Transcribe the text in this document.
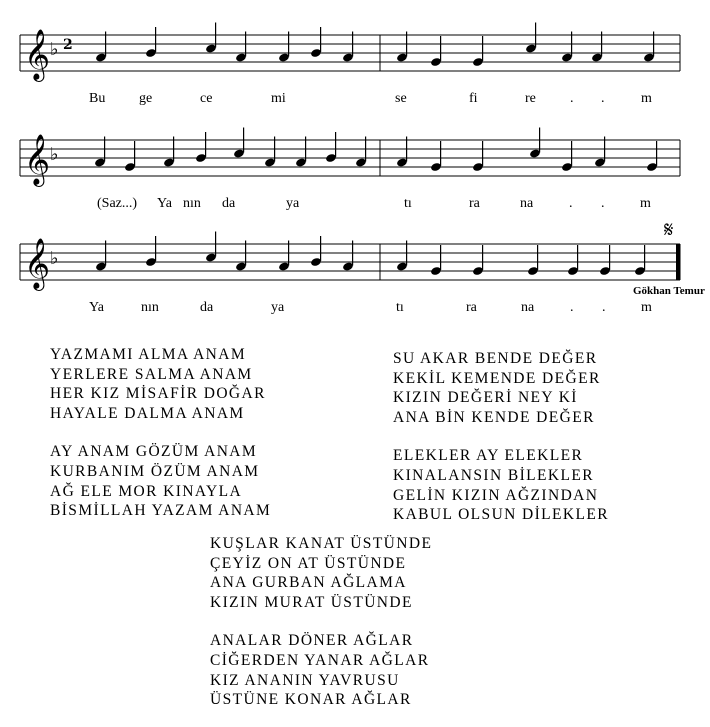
𝄞 ♭ 2
𝄞 ♭
𝄞 ♭
𝄋
Bu ge	ce	mi	se	fi	re . .	m
(Saz...) Ya nın da	ya	tı	ra	na	. .	m
Ya	nın	da	ya	tı	ra	na	. .	m
Gökhan Temur
YAZMAMI ALMA ANAM
YERLERE SALMA ANAM
HER KIZ MİSAFİR DOĞAR
HAYALE DALMA ANAM
AY ANAM GÖZÜM ANAM
KURBANIM ÖZÜM ANAM
AĞ ELE MOR KINAYLA
BİSMİLLAH YAZAM ANAM
SU AKAR BENDE DEĞER
KEKİL KEMENDE DEĞER
KIZIN DEĞERİ NEY Kİ
ANA BİN KENDE DEĞER
ELEKLER AY ELEKLER
KINALANSIN BİLEKLER
GELİN KIZIN AĞZINDAN
KABUL OLSUN DİLEKLER
KUŞLAR KANAT ÜSTÜNDE
ÇEYİZ ON AT ÜSTÜNDE
ANA GURBAN AĞLAMA
KIZIN MURAT ÜSTÜNDE
ANALAR DÖNER AĞLAR
CİĞERDEN YANAR AĞLAR
KIZ ANANIN YAVRUSU
ÜSTÜNE KONAR AĞLAR
